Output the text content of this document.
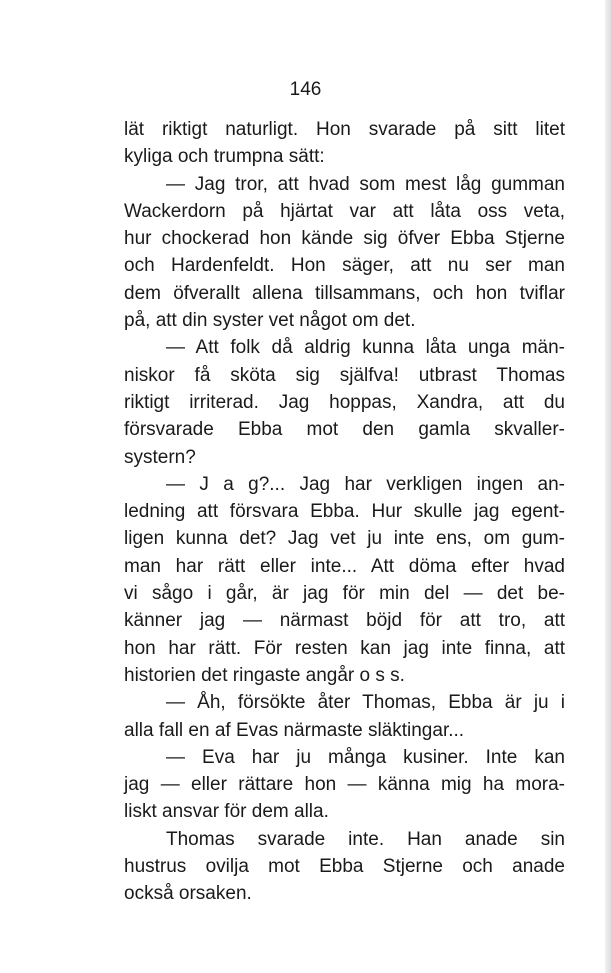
146
lät riktigt naturligt. Hon svarade på sitt litet
kyliga och trumpna sätt:
— Jag tror, att hvad som mest låg gumman
Wackerdorn på hjärtat var att låta oss veta,
hur chockerad hon kände sig öfver Ebba Stjerne
och Hardenfeldt. Hon säger, att nu ser man
dem öfverallt allena tillsammans, och hon tviflar
på, att din syster vet något om det.
— Att folk då aldrig kunna låta unga män-
niskor få sköta sig själfva! utbrast Thomas
riktigt irriterad. Jag hoppas, Xandra, att du
försvarade Ebba mot den gamla skvaller-
systern?
— J a g?... Jag har verkligen ingen an-
ledning att försvara Ebba. Hur skulle jag egent-
ligen kunna det? Jag vet ju inte ens, om gum-
man har rätt eller inte... Att döma efter hvad
vi sågo i går, är jag för min del — det be-
känner jag — närmast böjd för att tro, att
hon har rätt. För resten kan jag inte finna, att
historien det ringaste angår o s s.
— Åh, försökte åter Thomas, Ebba är ju i
alla fall en af Evas närmaste släktingar...
— Eva har ju många kusiner. Inte kan
jag — eller rättare hon — känna mig ha mora-
liskt ansvar för dem alla.
Thomas svarade inte. Han anade sin
hustrus ovilja mot Ebba Stjerne och anade
också orsaken.
